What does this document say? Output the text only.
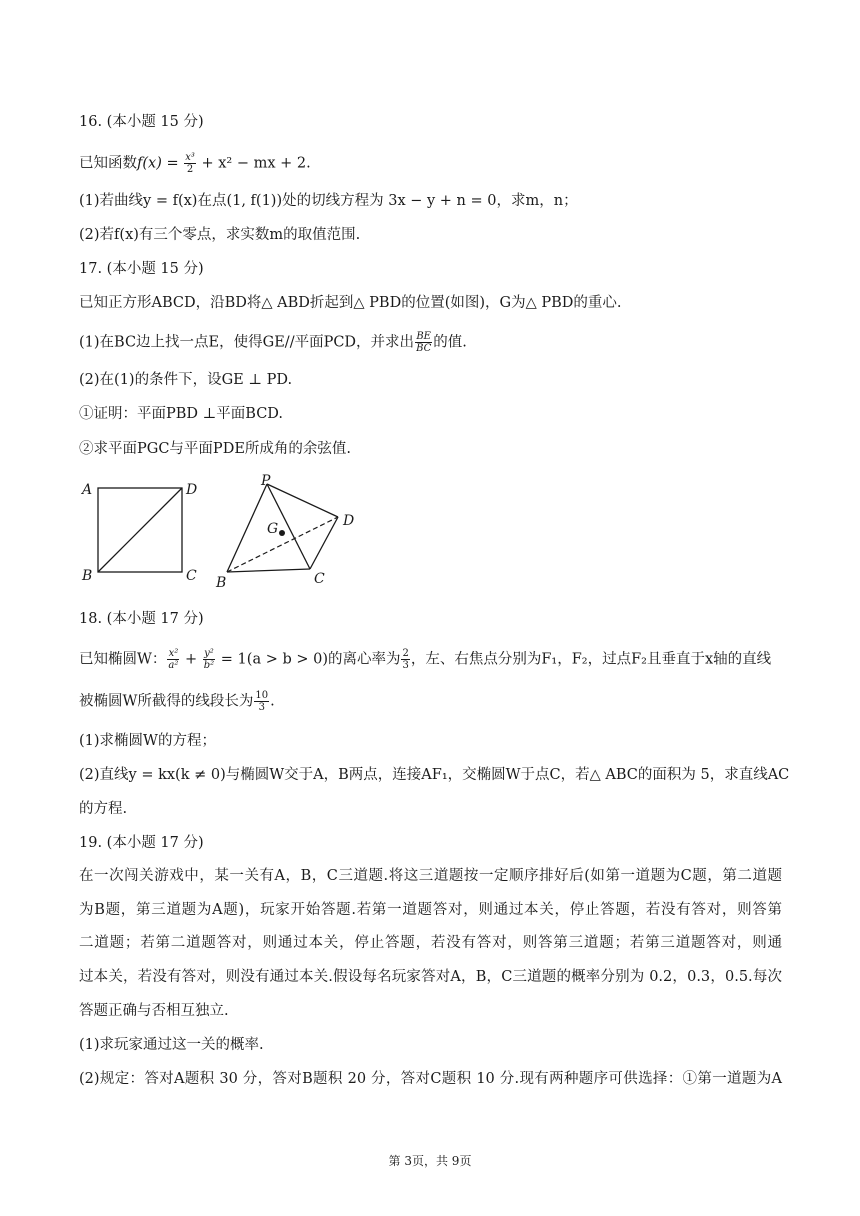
16. (本小题 15 分)
已知函数$f(x) = \frac{\text{x³}}{2} + x^2$ − mx + 2.
(1)若曲线y = f(x)在点(1, f(1))处的切线方程为 3x − y + n = 0，求m，n；
(2)若f(x)有三个零点，求实数m的取值范围.
17. (本小题 15 分)
已知正方形ABCD，沿BD将△ ABD折起到△ PBD的位置(如图)，G为△ PBD的重心.
(1)在BC边上找一点E，使得GE//平面PCD，并求出 $\frac{BE}{BC}$ 的值.
(2)在(1)的条件下，设GE ⊥ PD.
①证明：平面PBD ⊥平面BCD.
②求平面PGC与平面PDE所成角的余弦值.
A	D
B	C
P
G
B	C
D
18. (本小题 17 分)
已知椭圆W： $\frac{\text{x²}}{\text{a²}} + \frac{\text{y²}}{\text{b²}} = 1(a > b > 0)$的离心率为 $\frac{2}{3}$ ，左、右焦点分别为F₁，F₂，过点F₂且垂直于x轴的直线
被椭圆W所截得的线段长为 $\frac{10}{3}$ .
(1)求椭圆W的方程；
(2)直线y = kx(k ≠ 0)与椭圆W交于A，B两点，连接AF₁，交椭圆W于点C，若△ ABC的面积为 5，求直线AC
的方程.
19. (本小题 17 分)
在一次闯关游戏中，某一关有A，B，C三道题.将这三道题按一定顺序排好后(如第一道题为C题，第二道题
为B题，第三道题为A题)，玩家开始答题.若第一道题答对，则通过本关，停止答题，若没有答对，则答第
二道题；若第二道题答对，则通过本关，停止答题，若没有答对，则答第三道题；若第三道题答对，则通
过本关，若没有答对，则没有通过本关.假设每名玩家答对A，B，C三道题的概率分别为 0.2，0.3，0.5.每次
答题正确与否相互独立.
(1)求玩家通过这一关的概率.
(2)规定：答对A题积 30 分，答对B题积 20 分，答对C题积 10 分.现有两种题序可供选择：①第一道题为A
第 3页，共 9页
